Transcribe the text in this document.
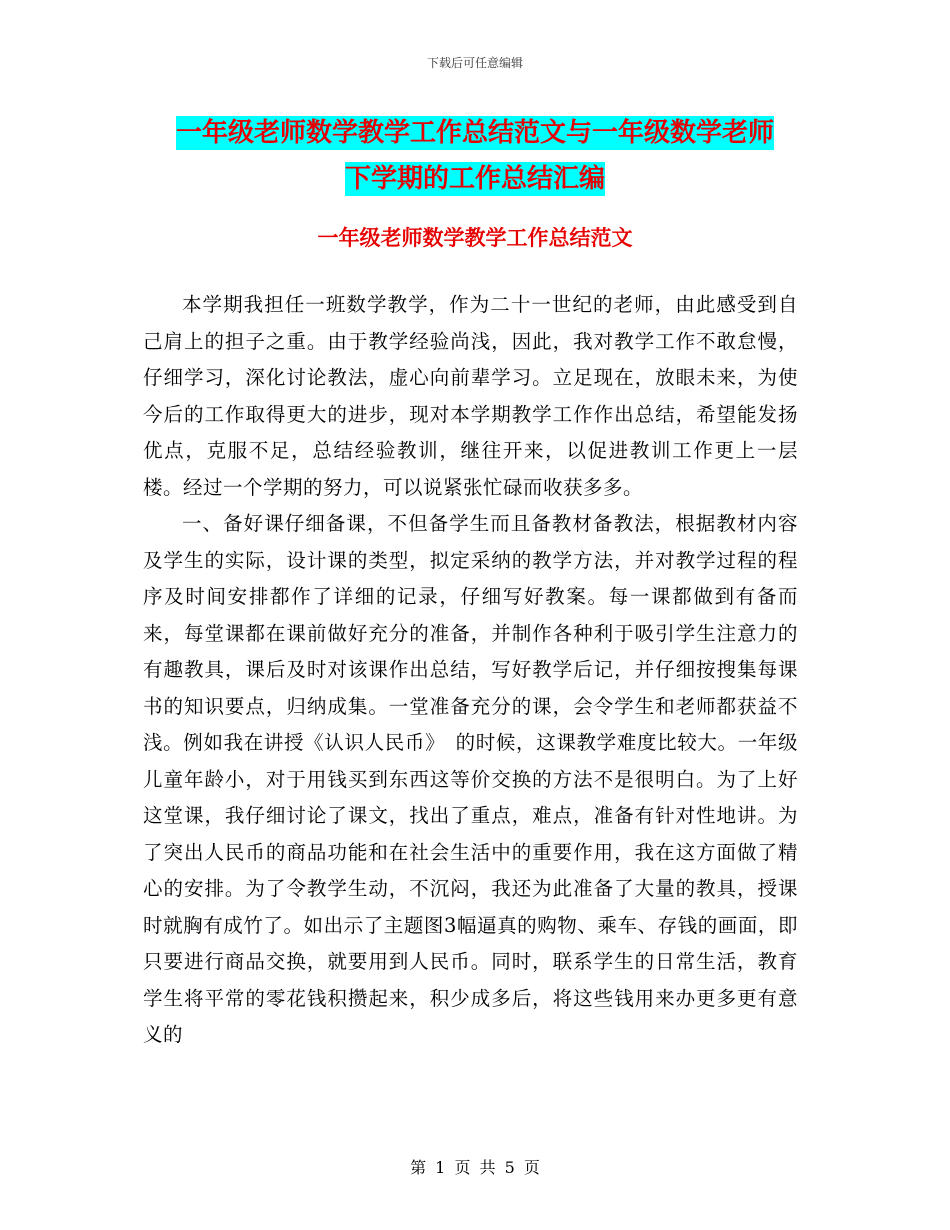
下载后可任意编辑
一年级老师数学教学工作总结范文与一年级数学老师
下学期的工作总结汇编
一年级老师数学教学工作总结范文

本学期我担任一班数学教学，作为二十一世纪的老师，由此感受到自己肩上的担子之重。由于教学经验尚浅，因此，我对教学工作不敢怠慢，仔细学习，深化讨论教法，虚心向前辈学习。立足现在，放眼未来，为使今后的工作取得更大的进步，现对本学期教学工作作出总结，希望能发扬优点，克服不足，总结经验教训，继往开来，以促进教训工作更上一层楼。经过一个学期的努力，可以说紧张忙碌而收获多多。

一、备好课仔细备课，不但备学生而且备教材备教法，根据教材内容及学生的实际，设计课的类型，拟定采纳的教学方法，并对教学过程的程序及时间安排都作了详细的记录，仔细写好教案。每一课都做到有备而来，每堂课都在课前做好充分的准备，并制作各种利于吸引学生注意力的有趣教具，课后及时对该课作出总结，写好教学后记，并仔细按搜集每课书的知识要点，归纳成集。一堂准备充分的课，会令学生和老师都获益不浅。例如我在讲授《认识人民币》　的时候，这课教学难度比较大。一年级儿童年龄小，对于用钱买到东西这等价交换的方法不是很明白。为了上好这堂课，我仔细讨论了课文，找出了重点，难点，准备有针对性地讲。为了突出人民币的商品功能和在社会生活中的重要作用，我在这方面做了精心的安排。为了令教学生动，不沉闷，我还为此准备了大量的教具，授课时就胸有成竹了。如出示了主题图3幅逼真的购物、乘车、存钱的画面，即只要进行商品交换，就要用到人民币。同时，联系学生的日常生活，教育学生将平常的零花钱积攒起来，积少成多后，将这些钱用来办更多更有意义的

第 1 页 共 5 页
